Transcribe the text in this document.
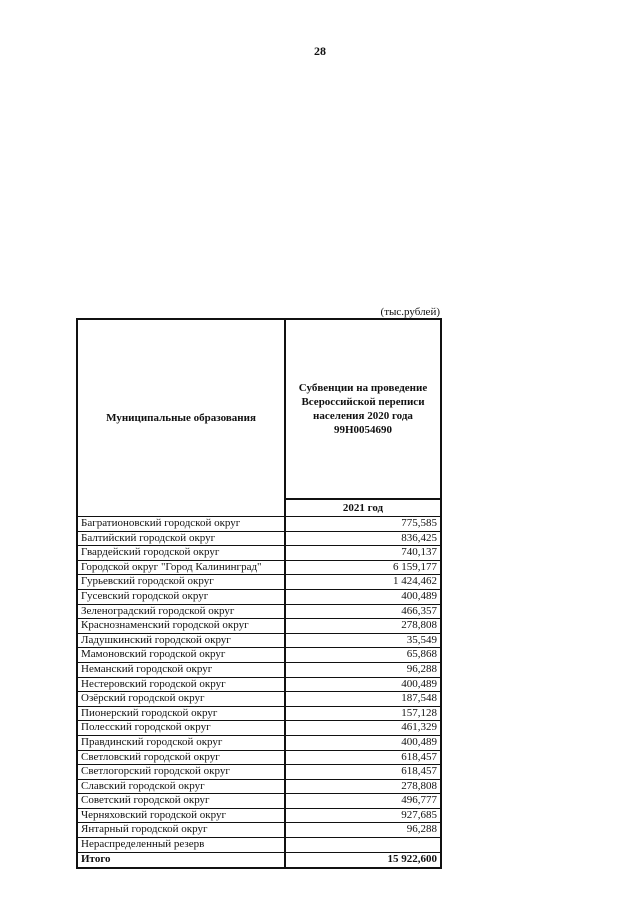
28
(тыс.рублей)
Муниципальные образования
Субвенции на проведение
Всероссийской переписи
населения 2020 года
99Н0054690
2021 год
Багратионовский городской округ	775,585
Балтийский городской округ	836,425
Гвардейский городской округ	740,137
Городской округ "Город Калининград"	6 159,177
Гурьевский городской округ	1 424,462
Гусевский городской округ	400,489
Зеленоградский городской округ	466,357
Краснознаменский городской округ	278,808
Ладушкинский городской округ	35,549
Мамоновский городской округ	65,868
Неманский городской округ	96,288
Нестеровский городской округ	400,489
Озёрский городской округ	187,548
Пионерский городской округ	157,128
Полесский городской округ	461,329
Правдинский городской округ	400,489
Светловский городской округ	618,457
Светлогорский городской округ	618,457
Славский городской округ	278,808
Советский городской округ	496,777
Черняховский городской округ	927,685
Янтарный городской округ	96,288
Нераспределенный резерв
Итого	15 922,600
